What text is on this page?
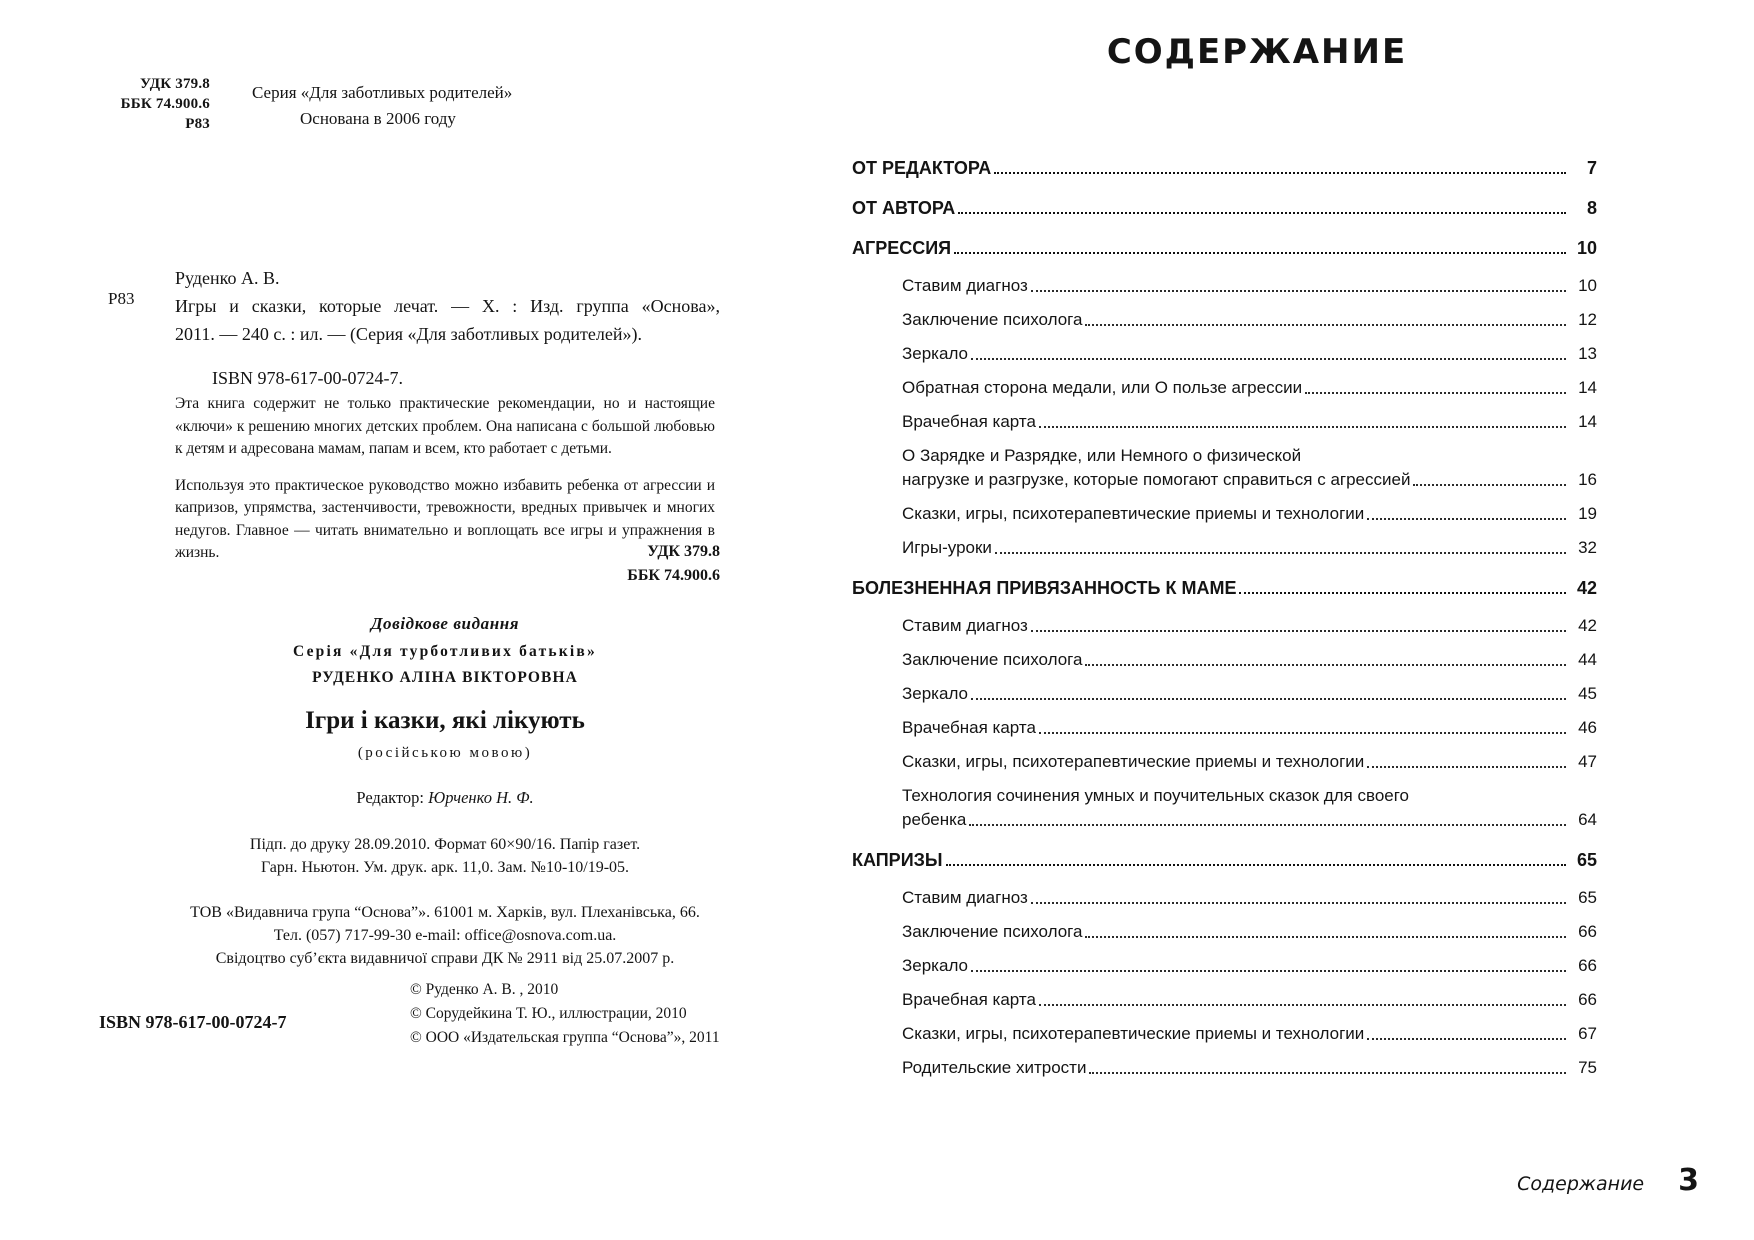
УДК 379.8
ББК 74.900.6
Р83
Серия «Для заботливых родителей»
Основана в 2006 году
Р83
Руденко А. В.
Игры и сказки, которые лечат. — Х. : Изд. группа «Основа»,
2011. — 240 с. : ил. — (Серия «Для заботливых родителей»).
ISBN 978-617-00-0724-7.

Эта книга содержит не только практические рекомендации, но и настоящие «ключи» к решению многих детских проблем. Она написана с большой любовью к детям и адресована мамам, папам и всем, кто работает с детьми.

Используя это практическое руководство можно избавить ребенка от агрессии и капризов, упрямства, застенчивости, тревожности, вредных привычек и многих недугов. Главное — читать внимательно и воплощать все игры и упражнения в жизнь.	УДК 379.8
ББК 74.900.6
Довідкове видання
Серія «Для турботливих батьків»
РУДЕНКО АЛІНА ВІКТОРОВНА
Ігри і казки, які лікують
(російською мовою)
Редактор: Юрченко Н. Ф.
Підп. до друку 28.09.2010. Формат 60×90/16. Папір газет.
Гарн. Ньютон. Ум. друк. арк. 11,0. Зам. №10-10/19-05.
ТОВ «Видавнича група “Основа”». 61001 м. Харків, вул. Плеханівська, 66.
Тел. (057) 717-99-30 e-mail: office@osnova.com.ua.
Свідоцтво суб’єкта видавничої справи ДК № 2911 від 25.07.2007 р.
© Руденко А. В. , 2010
© Сорудейкина Т. Ю., иллюстрации, 2010
© ООО «Издательская группа “Основа”», 2011
ISBN 978-617-00-0724-7
СОДЕРЖАНИЕ
ОТ РЕДАКТОРА	7
ОТ АВТОРА	8
АГРЕССИЯ	10
Ставим диагноз	10
Заключение психолога	12
Зеркало	13
Обратная сторона медали, или О пользе агрессии	14
Врачебная карта	14
О Зарядке и Разрядке, или Немного о физической
нагрузке и разгрузке, которые помогают справиться с агрессией	16
Сказки, игры, психотерапевтические приемы и технологии	19
Игры-уроки	32
БОЛЕЗНЕННАЯ ПРИВЯЗАННОСТЬ К МАМЕ	42
Ставим диагноз	42
Заключение психолога	44
Зеркало	45
Врачебная карта	46
Сказки, игры, психотерапевтические приемы и технологии	47
Технология сочинения умных и поучительных сказок для своего
ребенка	64
КАПРИЗЫ	65
Ставим диагноз	65
Заключение психолога	66
Зеркало	66
Врачебная карта	66
Сказки, игры, психотерапевтические приемы и технологии	67
Родительские хитрости	75
Содержание 3
